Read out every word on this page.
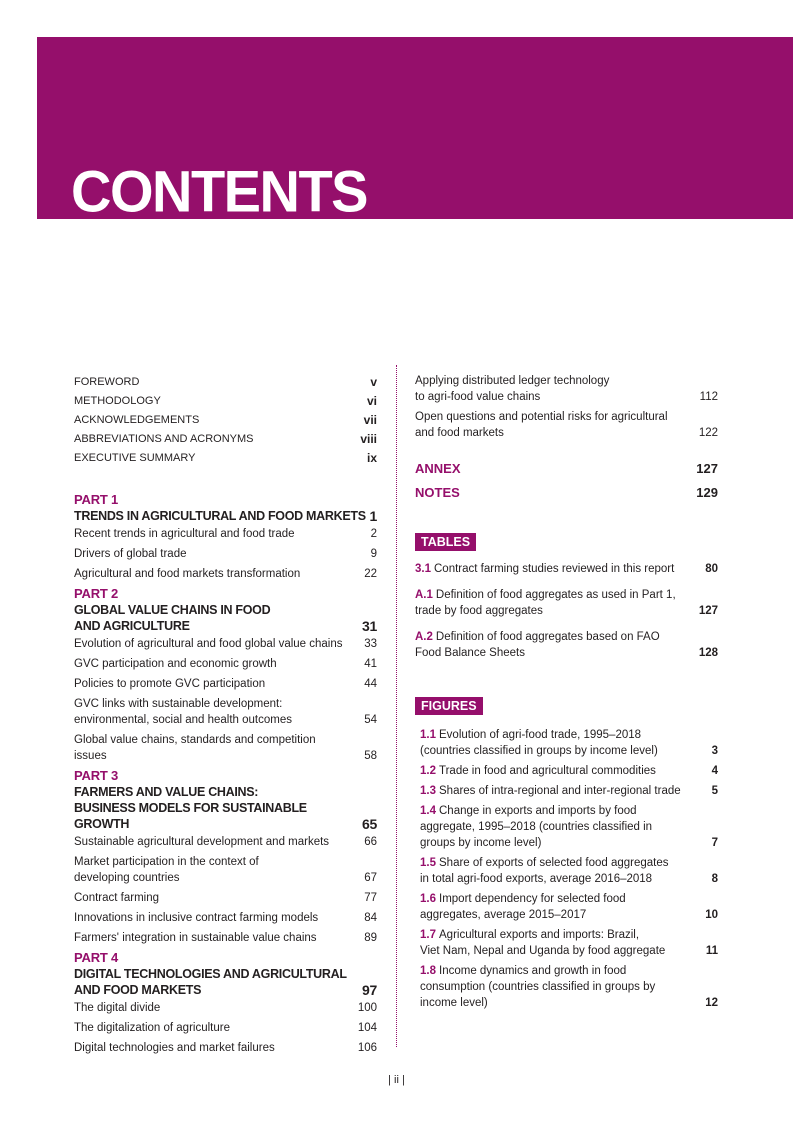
CONTENTS
FOREWORD	v
METHODOLOGY	vi
ACKNOWLEDGEMENTS	vii
ABBREVIATIONS AND ACRONYMS	viii
EXECUTIVE SUMMARY	ix
PART 1
TRENDS IN AGRICULTURAL AND FOOD MARKETS 1
Recent trends in agricultural and food trade	2
Drivers of global trade	9
Agricultural and food markets transformation	22
PART 2
GLOBAL VALUE CHAINS IN FOOD
AND AGRICULTURE	31
Evolution of agricultural and food global value chains	33
GVC participation and economic growth	41
Policies to promote GVC participation	44
GVC links with sustainable development:
environmental, social and health outcomes	54
Global value chains, standards and competition issues	58
PART 3
FARMERS AND VALUE CHAINS:
BUSINESS MODELS FOR SUSTAINABLE GROWTH	65
Sustainable agricultural development and markets	66
Market participation in the context of
developing countries	67
Contract farming	77
Innovations in inclusive contract farming models	84
Farmers' integration in sustainable value chains	89
PART 4
DIGITAL TECHNOLOGIES AND AGRICULTURAL
AND FOOD MARKETS	97
The digital divide	100
The digitalization of agriculture	104
Digital technologies and market failures	106
Applying distributed ledger technology
to agri-food value chains	112
Open questions and potential risks for agricultural
and food markets	122
ANNEX	127
NOTES	129
TABLES
3.1 Contract farming studies reviewed in this report	80
A.1 Definition of food aggregates as used in Part 1,
trade by food aggregates	127
A.2 Definition of food aggregates based on FAO
Food Balance Sheets	128
FIGURES
1.1 Evolution of agri-food trade, 1995–2018
(countries classified in groups by income level)	3
1.2 Trade in food and agricultural commodities	4
1.3 Shares of intra-regional and inter-regional trade	5
1.4 Change in exports and imports by food
aggregate, 1995–2018 (countries classified in
groups by income level)	7
1.5 Share of exports of selected food aggregates
in total agri-food exports, average 2016–2018	8
1.6 Import dependency for selected food
aggregates, average 2015–2017	10
1.7 Agricultural exports and imports: Brazil,
Viet Nam, Nepal and Uganda by food aggregate	11
1.8 Income dynamics and growth in food
consumption (countries classified in groups by
income level)	12
| ii |
